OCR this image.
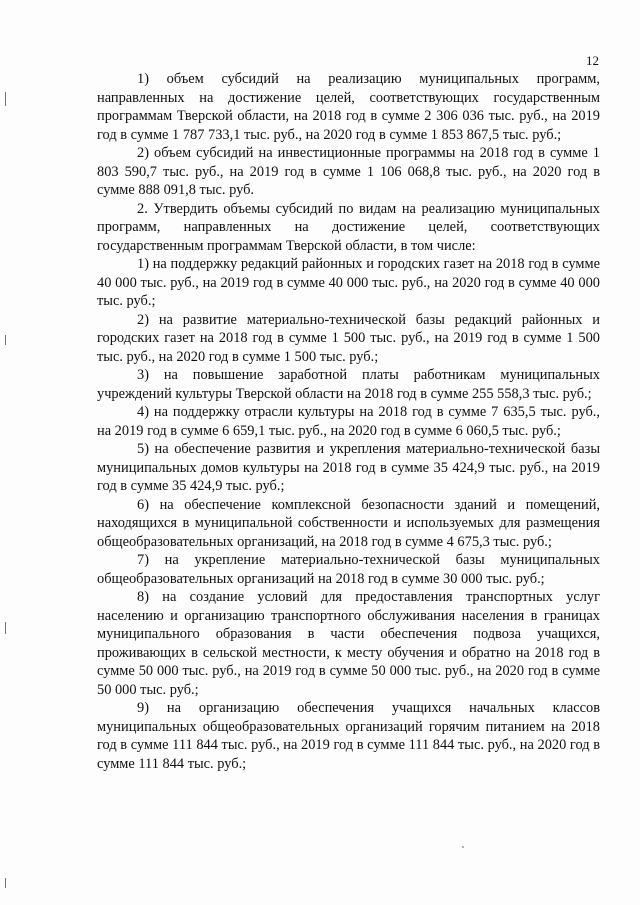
12

1) объем субсидий на реализацию муниципальных программ, направленных на достижение целей, соответствующих государственным программам Тверской области, на 2018 год в сумме 2 306 036 тыс. руб., на 2019 год в сумме 1 787 733,1 тыс. руб., на 2020 год в сумме 1 853 867,5 тыс. руб.;

2) объем субсидий на инвестиционные программы на 2018 год в сумме 1 803 590,7 тыс. руб., на 2019 год в сумме 1 106 068,8 тыс. руб., на 2020 год в сумме 888 091,8 тыс. руб.

2. Утвердить объемы субсидий по видам на реализацию муниципальных программ, направленных на достижение целей, соответствующих государственным программам Тверской области, в том числе:

1) на поддержку редакций районных и городских газет на 2018 год в сумме 40 000 тыс. руб., на 2019 год в сумме 40 000 тыс. руб., на 2020 год в сумме 40 000 тыс. руб.;

2) на развитие материально-технической базы редакций районных и городских газет на 2018 год в сумме 1 500 тыс. руб., на 2019 год в сумме 1 500 тыс. руб., на 2020 год в сумме 1 500 тыс. руб.;

3) на повышение заработной платы работникам муниципальных учреждений культуры Тверской области на 2018 год в сумме 255 558,3 тыс. руб.;

4) на поддержку отрасли культуры на 2018 год в сумме 7 635,5 тыс. руб., на 2019 год в сумме 6 659,1 тыс. руб., на 2020 год в сумме 6 060,5 тыс. руб.;

5) на обеспечение развития и укрепления материально-технической базы муниципальных домов культуры на 2018 год в сумме 35 424,9 тыс. руб., на 2019 год в сумме 35 424,9 тыс. руб.;

6) на обеспечение комплексной безопасности зданий и помещений, находящихся в муниципальной собственности и используемых для размещения общеобразовательных организаций, на 2018 год в сумме 4 675,3 тыс. руб.;

7) на укрепление материально-технической базы муниципальных общеобразовательных организаций на 2018 год в сумме 30 000 тыс. руб.;

8) на создание условий для предоставления транспортных услуг населению и организацию транспортного обслуживания населения в границах муниципального образования в части обеспечения подвоза учащихся, проживающих в сельской местности, к месту обучения и обратно на 2018 год в сумме 50 000 тыс. руб., на 2019 год в сумме 50 000 тыс. руб., на 2020 год в сумме 50 000 тыс. руб.;

9) на организацию обеспечения учащихся начальных классов муниципальных общеобразовательных организаций горячим питанием на 2018 год в сумме 111 844 тыс. руб., на 2019 год в сумме 111 844 тыс. руб., на 2020 год в сумме 111 844 тыс. руб.;
